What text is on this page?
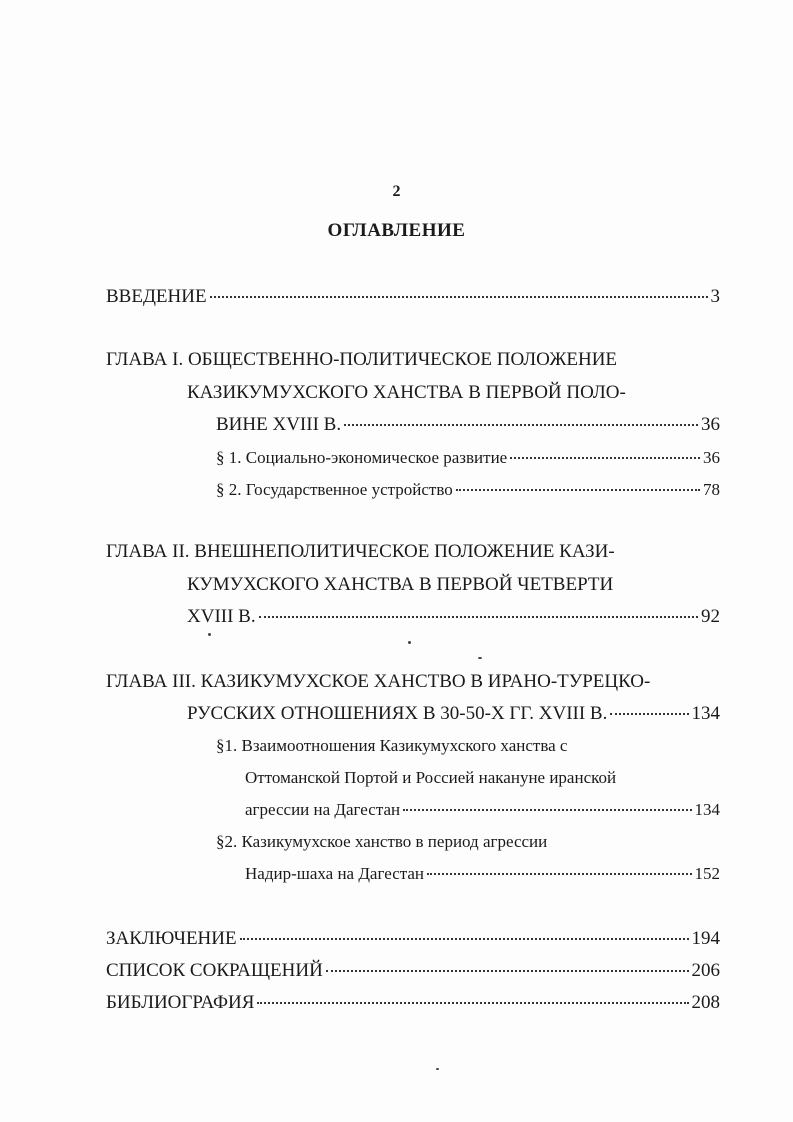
2
ОГЛАВЛЕНИЕ
ВВЕДЕНИЕ	3
ГЛАВА I. ОБЩЕСТВЕННО-ПОЛИТИЧЕСКОЕ ПОЛОЖЕНИЕ
КАЗИКУМУХСКОГО ХАНСТВА В ПЕРВОЙ ПОЛО-
ВИНЕ XVIII В.	36
§ 1. Социально-экономическое развитие	36
§ 2. Государственное устройство	78
ГЛАВА II. ВНЕШНЕПОЛИТИЧЕСКОЕ ПОЛОЖЕНИЕ КАЗИ-
КУМУХСКОГО ХАНСТВА В ПЕРВОЙ ЧЕТВЕРТИ
XVIII В.	92
ГЛАВА III. КАЗИКУМУХСКОЕ ХАНСТВО В ИРАНО-ТУРЕЦКО-
РУССКИХ ОТНОШЕНИЯХ В 30-50-Х ГГ. XVIII В.	134
§1. Взаимоотношения Казикумухского ханства с
Оттоманской Портой и Россией накануне иранской
агрессии на Дагестан	134
§2. Казикумухское ханство в период агрессии
Надир-шаха на Дагестан	152
ЗАКЛЮЧЕНИЕ	194
СПИСОК СОКРАЩЕНИЙ	206
БИБЛИОГРАФИЯ	208
